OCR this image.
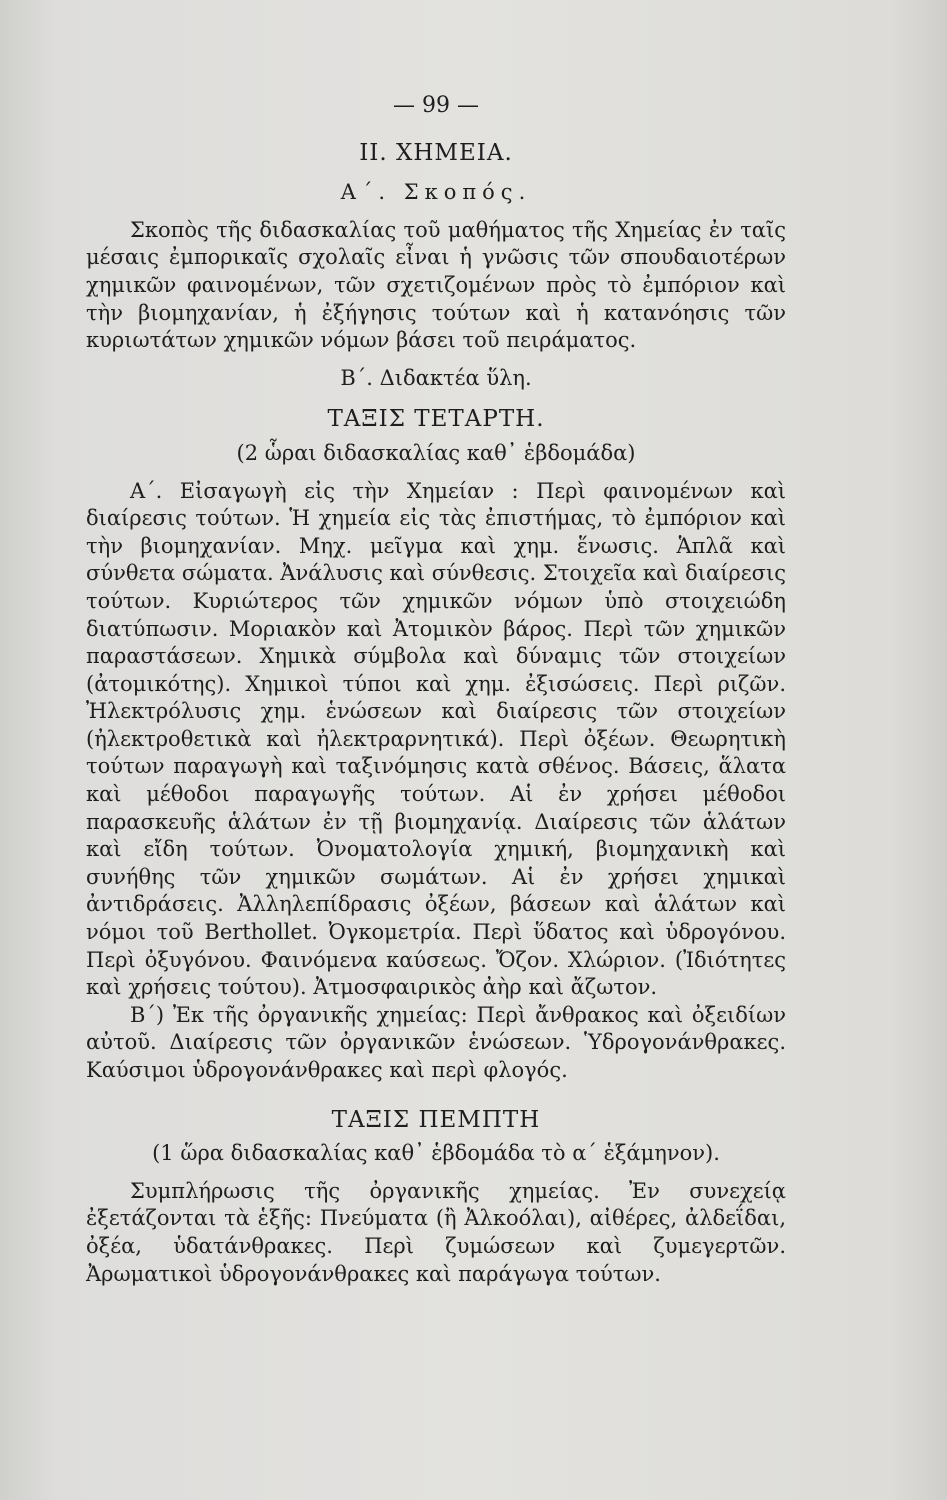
— 99 —
II. ΧΗΜΕΙΑ.
Α΄. Σκοπός.

Σκοπὸς τῆς διδασκαλίας τοῦ μαθήματος τῆς Χημείας ἐν ταῖς μέσαις ἐμπορικαῖς σχολαῖς εἶναι ἡ γνῶσις τῶν σπουδαιοτέρων χημικῶν φαινομένων, τῶν σχετιζομένων πρὸς τὸ ἐμπόριον καὶ τὴν βιομηχανίαν, ἡ ἐξήγησις τούτων καὶ ἡ κατανόησις τῶν κυριωτάτων χημικῶν νόμων βάσει τοῦ πειράματος.

Β΄. Διδακτέα ὕλη.
ΤΑΞΙΣ ΤΕΤΑΡΤΗ.
(2 ὧραι διδασκαλίας καθ᾿ ἑβδομάδα)

Α΄. Εἰσαγωγὴ εἰς τὴν Χημείαν : Περὶ φαινομένων καὶ διαίρεσις τούτων. Ἡ χημεία εἰς τὰς ἐπιστήμας, τὸ ἐμπόριον καὶ τὴν βιομηχανίαν. Μηχ. μεῖγμα καὶ χημ. ἕνωσις. Ἁπλᾶ καὶ σύνθετα σώματα. Ἀνάλυσις καὶ σύνθεσις. Στοιχεῖα καὶ διαίρεσις τούτων. Κυριώτερος τῶν χημικῶν νόμων ὑπὸ στοιχειώδη διατύπωσιν. Μοριακὸν καὶ Ἀτομικὸν βάρος. Περὶ τῶν χημικῶν παραστάσεων. Χημικὰ σύμβολα καὶ δύναμις τῶν στοιχείων (ἀτομικότης). Χημικοὶ τύποι καὶ χημ. ἐξισώσεις. Περὶ ριζῶν. Ἠλεκτρόλυσις χημ. ἑνώσεων καὶ διαίρεσις τῶν στοιχείων (ἠλεκτροθετικὰ καὶ ἠλεκτραρνητικά). Περὶ ὀξέων. Θεωρητικὴ τούτων παραγωγὴ καὶ ταξινόμησις κατὰ σθένος. Βάσεις, ἅλατα καὶ μέθοδοι παραγωγῆς τούτων. Αἱ ἐν χρήσει μέθοδοι παρασκευῆς ἁλάτων ἐν τῇ βιομηχανίᾳ. Διαίρεσις τῶν ἁλάτων καὶ εἴδη τούτων. Ὀνοματολογία χημική, βιομηχανικὴ καὶ συνήθης τῶν χημικῶν σωμάτων. Αἱ ἐν χρήσει χημικαὶ ἀντιδράσεις. Ἀλληλεπίδρασις ὀξέων, βάσεων καὶ ἁλάτων καὶ νόμοι τοῦ Berthollet. Ὀγκομετρία. Περὶ ὕδατος καὶ ὑδρογόνου. Περὶ ὀξυγόνου. Φαινόμενα καύσεως. Ὄζον. Χλώριον. (Ἰδιότητες καὶ χρήσεις τούτου). Ἀτμοσφαιρικὸς ἀὴρ καὶ ἄζωτον.

Β΄) Ἐκ τῆς ὀργανικῆς χημείας: Περὶ ἄνθρακος καὶ ὀξειδίων αὐτοῦ. Διαίρεσις τῶν ὀργανικῶν ἑνώσεων. Ὑδρογονάνθρακες. Καύσιμοι ὑδρογονάνθρακες καὶ περὶ φλογός.

ΤΑΞΙΣ ΠΕΜΠΤΗ
(1 ὥρα διδασκαλίας καθ᾿ ἑβδομάδα τὸ α΄ ἑξάμηνον).

Συμπλήρωσις τῆς ὀργανικῆς χημείας. Ἐν συνεχείᾳ ἐξετάζονται τὰ ἑξῆς: Πνεύματα (ἢ Ἀλκοόλαι), αἰθέρες, ἀλδεΐδαι, ὀξέα, ὑδατάνθρακες. Περὶ ζυμώσεων καὶ ζυμεγερτῶν. Ἀρωματικοὶ ὑδρογονάνθρακες καὶ παράγωγα τούτων.
